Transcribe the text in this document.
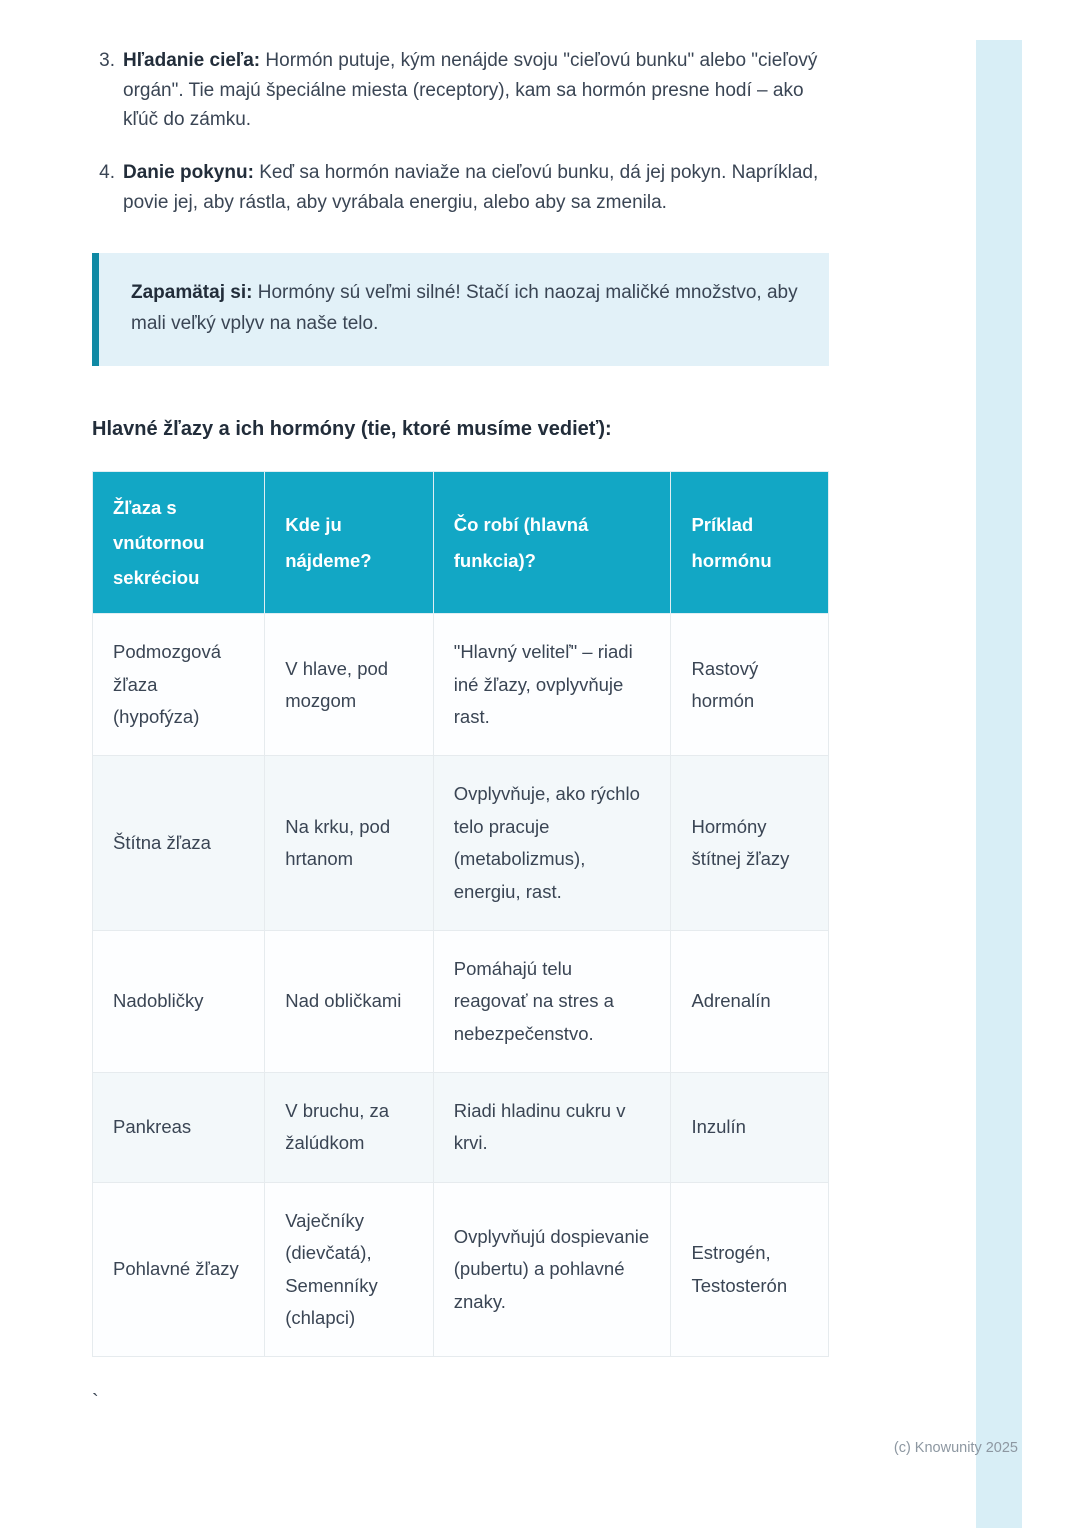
3. Hľadanie cieľa: Hormón putuje, kým nenájde svoju "cieľovú bunku" alebo "cieľový orgán". Tie majú špeciálne miesta (receptory), kam sa hormón presne hodí – ako kľúč do zámku.

4. Danie pokynu: Keď sa hormón naviaže na cieľovú bunku, dá jej pokyn. Napríklad, povie jej, aby rástla, aby vyrábala energiu, alebo aby sa zmenila.

Zapamätaj si: Hormóny sú veľmi silné! Stačí ich naozaj maličké množstvo, aby mali veľký vplyv na naše telo.

Hlavné žľazy a ich hormóny (tie, ktoré musíme vedieť):
Žľaza s vnútornou sekréciou	Kde ju nájdeme?	Čo robí (hlavná funkcia)?	Príklad hormónu
Podmozgová žľaza (hypofýza)	V hlave, pod mozgom	"Hlavný veliteľ" – riadi iné žľazy, ovplyvňuje rast.	Rastový hormón
Štítna žľaza	Na krku, pod hrtanom	Ovplyvňuje, ako rýchlo telo pracuje (metabolizmus), energiu, rast.	Hormóny štítnej žľazy
Nadobličky	Nad obličkami	Pomáhajú telu reagovať na stres a nebezpečenstvo.	Adrenalín
Pankreas	V bruchu, za žalúdkom	Riadi hladinu cukru v krvi.	Inzulín
Pohlavné žľazy	Vaječníky (dievčatá), Semenníky (chlapci)	Ovplyvňujú dospievanie (pubertu) a pohlavné znaky.	Estrogén, Testosterón
`
(c) Knowunity 2025
